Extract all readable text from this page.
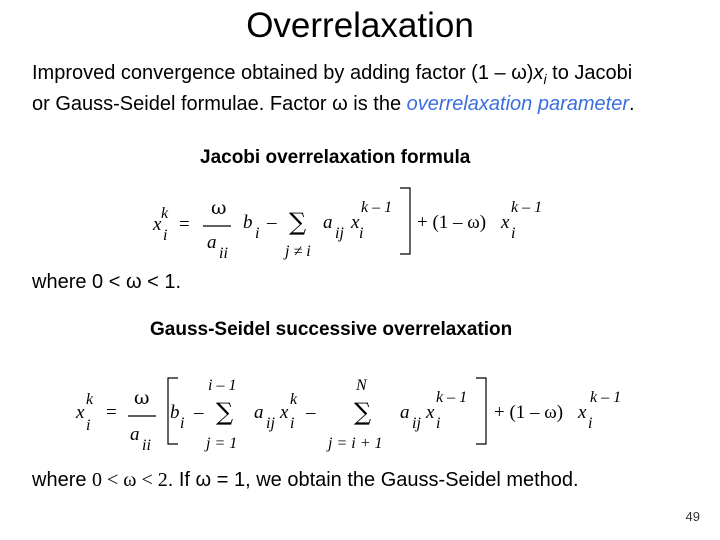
Overrelaxation
Improved convergence obtained by adding factor $(1 - \omega)x_i$ to Jacobi
or Gauss-Seidel formulae. Factor ω is the overrelaxation parameter.
Jacobi overrelaxation formula
x
k
i
=
ω
a
ii
b
i
– ∑
j ≠ i
a
ij
x
i
k – 1
+ (1 – ω) x
i
k – 1
where 0 < ω < 1.
Gauss-Seidel successive overrelaxation
x
k
i
=
ω
a
ii
b
i
–
i – 1
∑
j = 1
a
ij
x
i
k
–
N
∑
j = i + 1
a
ij
x
i
k – 1
+ (1 – ω) x
i
k – 1
where 0 < ω < 2. If ω = 1, we obtain the Gauss-Seidel method.
49
